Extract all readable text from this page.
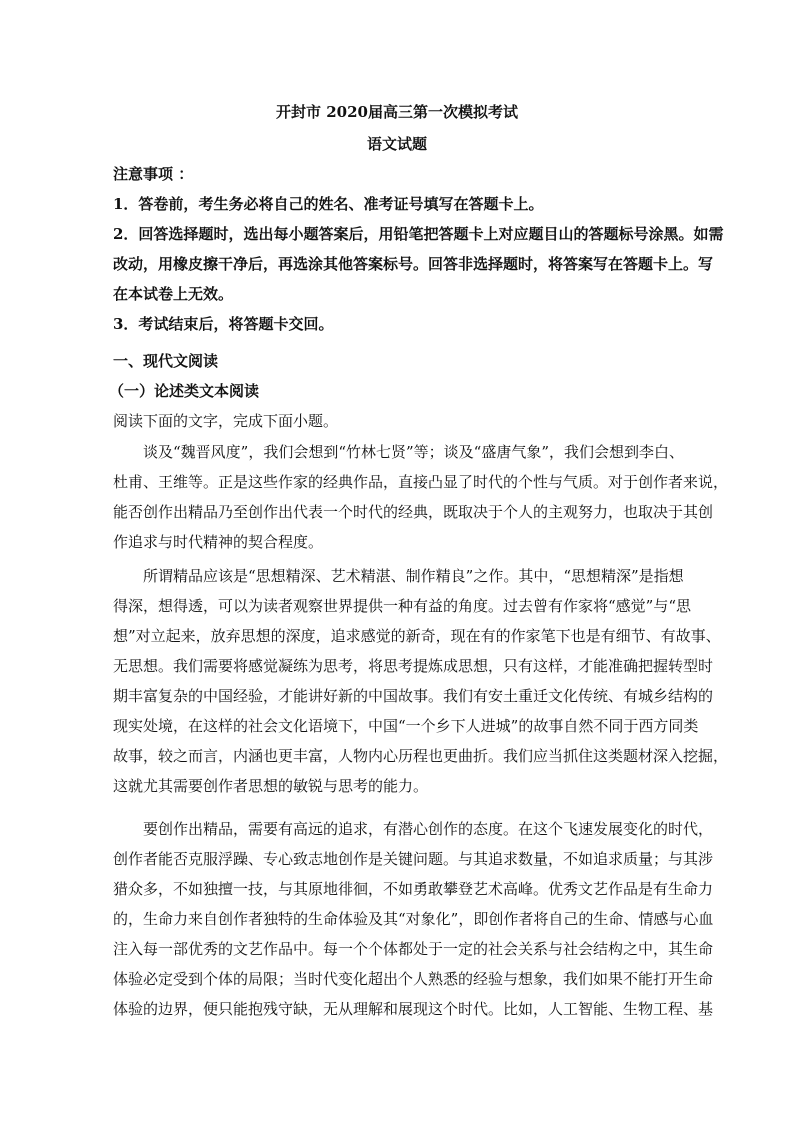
开封市 2020届高三第一次模拟考试
语文试题
注意事项 ：
1．答卷前，考生务必将自己的姓名、准考证号填写在答题卡上。
2．回答选择题时，选出每小题答案后，用铅笔把答题卡上对应题目山的答题标号涂黑。如需
改动，用橡皮擦干净后，再选涂其他答案标号。回答非选择题时，将答案写在答题卡上。写
在本试卷上无效。
3．考试结束后，将答题卡交回。
一、现代文阅读
（一）论述类文本阅读
阅读下面的文字，完成下面小题。
谈及“魏晋风度”，我们会想到“竹林七贤”等；谈及“盛唐气象”，我们会想到李白、
杜甫、王维等。正是这些作家的经典作品，直接凸显了时代的个性与气质。对于创作者来说，
能否创作出精品乃至创作出代表一个时代的经典，既取决于个人的主观努力，也取决于其创
作追求与时代精神的契合程度。
所谓精品应该是“思想精深、艺术精湛、制作精良”之作。其中，“思想精深”是指想
得深，想得透，可以为读者观察世界提供一种有益的角度。过去曾有作家将“感觉”与“思
想”对立起来，放弃思想的深度，追求感觉的新奇，现在有的作家笔下也是有细节、有故事、
无思想。我们需要将感觉凝练为思考，将思考提炼成思想，只有这样，才能准确把握转型时
期丰富复杂的中国经验，才能讲好新的中国故事。我们有安土重迁文化传统、有城乡结构的
现实处境，在这样的社会文化语境下，中国“一个乡下人进城”的故事自然不同于西方同类
故事，较之而言，内涵也更丰富，人物内心历程也更曲折。我们应当抓住这类题材深入挖掘，
这就尤其需要创作者思想的敏锐与思考的能力。
要创作出精品，需要有高远的追求，有潜心创作的态度。在这个飞速发展变化的时代，
创作者能否克服浮躁、专心致志地创作是关键问题。与其追求数量，不如追求质量；与其涉
猎众多，不如独擅一技，与其原地徘徊，不如勇敢攀登艺术高峰。优秀文艺作品是有生命力
的，生命力来自创作者独特的生命体验及其“对象化”，即创作者将自己的生命、情感与心血
注入每一部优秀的文艺作品中。每一个个体都处于一定的社会关系与社会结构之中，其生命
体验必定受到个体的局限；当时代变化超出个人熟悉的经验与想象，我们如果不能打开生命
体验的边界，便只能抱残守缺，无从理解和展现这个时代。比如，人工智能、生物工程、基
